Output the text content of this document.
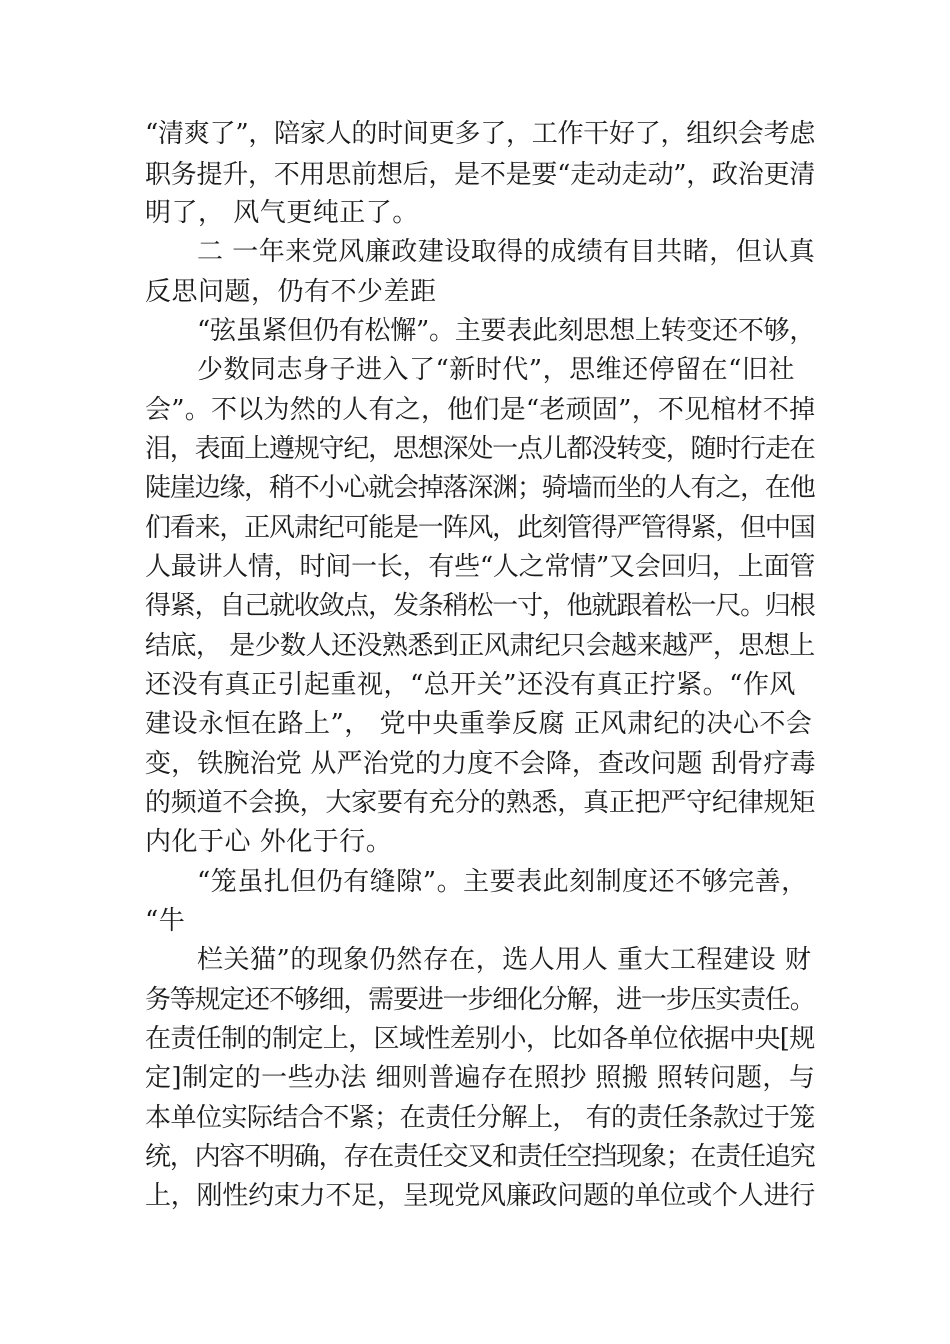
“清爽了”，陪家人的时间更多了，工作干好了，组织会考虑
职务提升，不用思前想后，是不是要“走动走动”，政治更清
明了， 风气更纯正了。
二 一年来党风廉政建设取得的成绩有目共睹，但认真
反思问题，仍有不少差距
“弦虽紧但仍有松懈”。主要表此刻思想上转变还不够，
少数同志身子进入了“新时代”，思维还停留在“旧社
会”。不以为然的人有之，他们是“老顽固”，不见棺材不掉
泪，表面上遵规守纪，思想深处一点儿都没转变，随时行走在
陡崖边缘，稍不小心就会掉落深渊；骑墙而坐的人有之，在他
们看来，正风肃纪可能是一阵风，此刻管得严管得紧，但中国
人最讲人情，时间一长，有些“人之常情”又会回归，上面管
得紧，自己就收敛点，发条稍松一寸，他就跟着松一尺。归根
结底， 是少数人还没熟悉到正风肃纪只会越来越严，思想上
还没有真正引起重视，“总开关”还没有真正拧紧。“作风
建设永恒在路上”， 党中央重拳反腐 正风肃纪的决心不会
变，铁腕治党 从严治党的力度不会降，查改问题 刮骨疗毒
的频道不会换，大家要有充分的熟悉，真正把严守纪律规矩
内化于心 外化于行。
“笼虽扎但仍有缝隙”。主要表此刻制度还不够完善，
“牛
栏关猫”的现象仍然存在，选人用人 重大工程建设 财
务等规定还不够细，需要进一步细化分解，进一步压实责任。
在责任制的制定上，区域性差别小，比如各单位依据中央[规
定]制定的一些办法 细则普遍存在照抄 照搬 照转问题，与
本单位实际结合不紧；在责任分解上， 有的责任条款过于笼
统，内容不明确，存在责任交叉和责任空挡现象；在责任追究
上，刚性约束力不足，呈现党风廉政问题的单位或个人进行
